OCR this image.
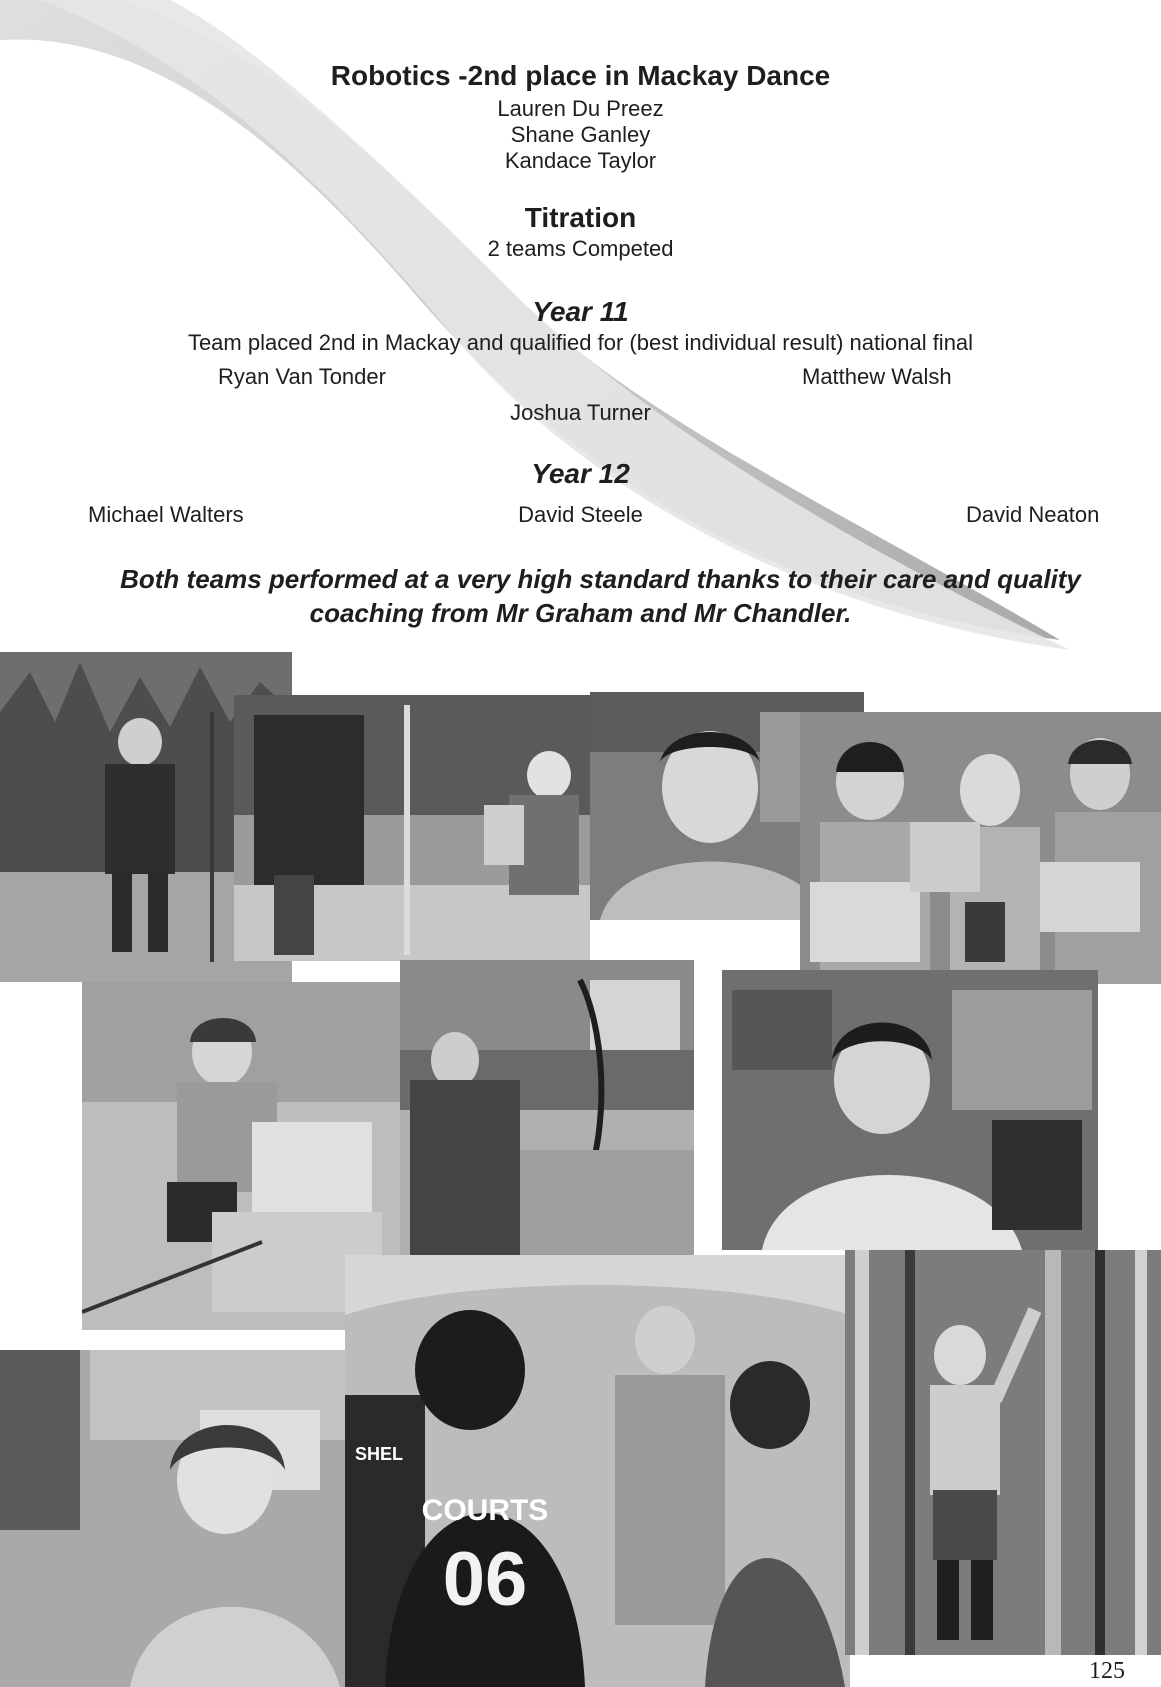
Robotics -2nd place in Mackay Dance
Lauren Du Preez
Shane Ganley
Kandace Taylor
Titration
2 teams Competed
Year 11
Team placed 2nd in Mackay and qualified for (best individual result) national final
Ryan Van Tonder	Matthew Walsh
Joshua Turner
Year 12
Michael Walters	David Steele	David Neaton
Both teams performed at a very high standard thanks to their care and quality
coaching from Mr Graham and Mr Chandler.
SHEL
COURTS
06
125
